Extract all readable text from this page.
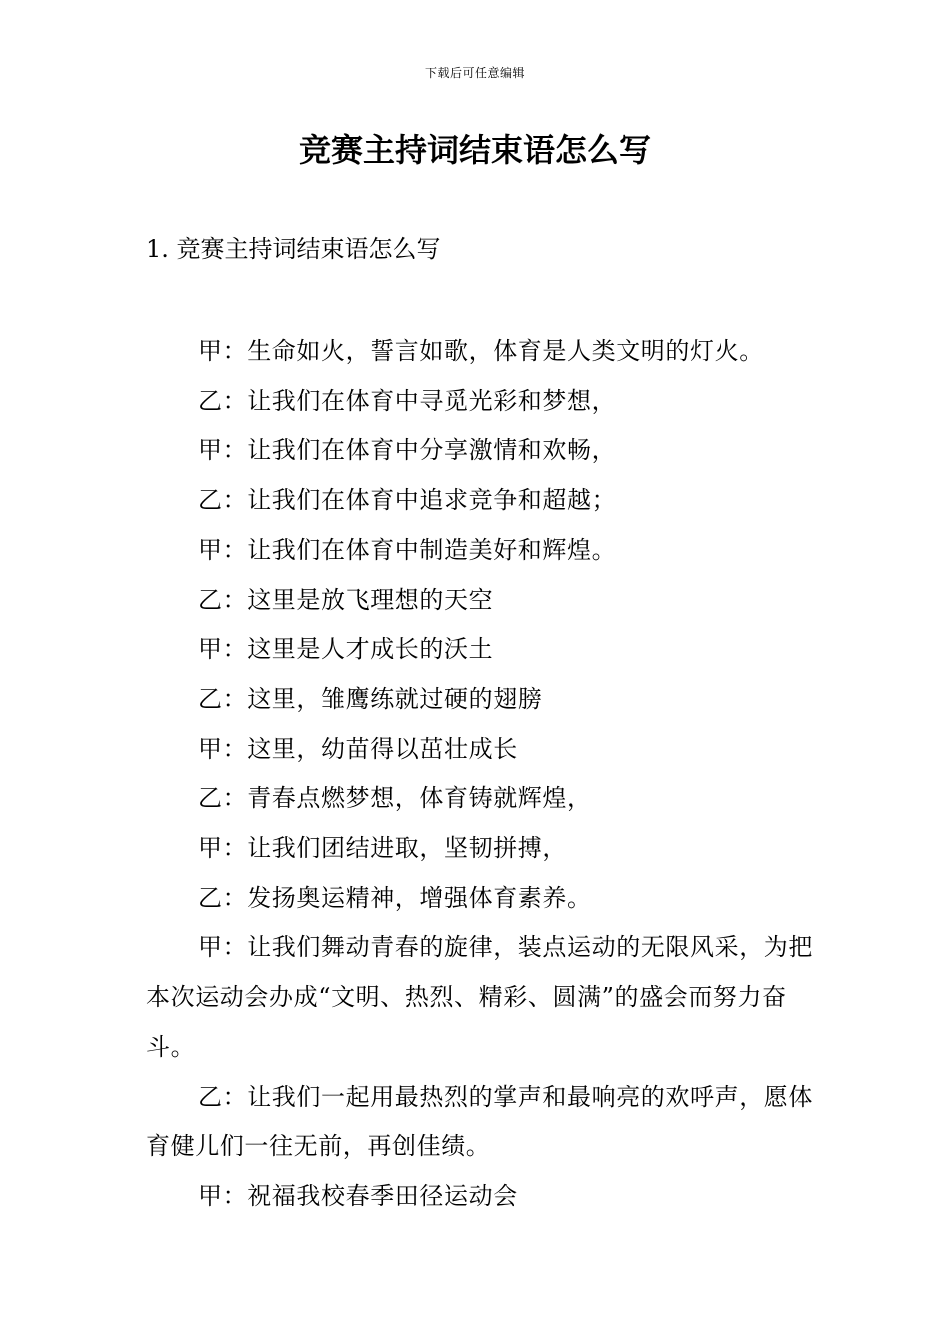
下载后可任意编辑
竞赛主持词结束语怎么写
1. 竞赛主持词结束语怎么写

甲：生命如火，誓言如歌，体育是人类文明的灯火。

乙：让我们在体育中寻觅光彩和梦想，

甲：让我们在体育中分享激情和欢畅，

乙：让我们在体育中追求竞争和超越；

甲：让我们在体育中制造美好和辉煌。

乙：这里是放飞理想的天空

甲：这里是人才成长的沃土

乙：这里，雏鹰练就过硬的翅膀

甲：这里，幼苗得以茁壮成长

乙：青春点燃梦想，体育铸就辉煌，

甲：让我们团结进取，坚韧拼搏，

乙：发扬奥运精神，增强体育素养。

甲：让我们舞动青春的旋律，装点运动的无限风采，为把本次运动会办成“文明、热烈、精彩、圆满”的盛会而努力奋斗。

乙：让我们一起用最热烈的掌声和最响亮的欢呼声，愿体育健儿们一往无前，再创佳绩。

甲：祝福我校春季田径运动会
